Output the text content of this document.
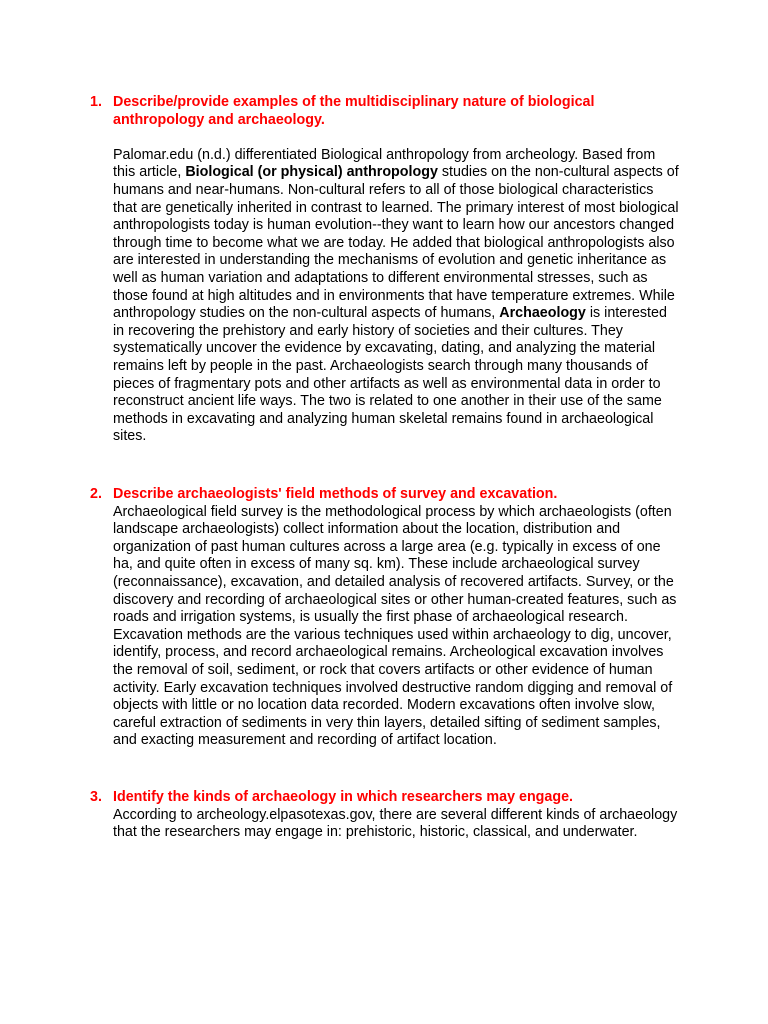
1. Describe/provide examples of the multidisciplinary nature of biological anthropology and archaeology.

Palomar.edu (n.d.) differentiated Biological anthropology from archeology. Based from this article, Biological (or physical) anthropology studies on the non-cultural aspects of humans and near-humans. Non-cultural refers to all of those biological characteristics that are genetically inherited in contrast to learned. The primary interest of most biological anthropologists today is human evolution--they want to learn how our ancestors changed through time to become what we are today. He added that biological anthropologists also are interested in understanding the mechanisms of evolution and genetic inheritance as well as human variation and adaptations to different environmental stresses, such as those found at high altitudes and in environments that have temperature extremes. While anthropology studies on the non-cultural aspects of humans, Archaeology is interested in recovering the prehistory and early history of societies and their cultures. They systematically uncover the evidence by excavating, dating, and analyzing the material remains left by people in the past. Archaeologists search through many thousands of pieces of fragmentary pots and other artifacts as well as environmental data in order to reconstruct ancient life ways. The two is related to one another in their use of the same methods in excavating and analyzing human skeletal remains found in archaeological sites.

2. Describe archaeologists' field methods of survey and excavation.

Archaeological field survey is the methodological process by which archaeologists (often landscape archaeologists) collect information about the location, distribution and organization of past human cultures across a large area (e.g. typically in excess of one ha, and quite often in excess of many sq. km). These include archaeological survey (reconnaissance), excavation, and detailed analysis of recovered artifacts. Survey, or the discovery and recording of archaeological sites or other human-created features, such as roads and irrigation systems, is usually the first phase of archaeological research. Excavation methods are the various techniques used within archaeology to dig, uncover, identify, process, and record archaeological remains. Archeological excavation involves the removal of soil, sediment, or rock that covers artifacts or other evidence of human activity. Early excavation techniques involved destructive random digging and removal of objects with little or no location data recorded. Modern excavations often involve slow, careful extraction of sediments in very thin layers, detailed sifting of sediment samples, and exacting measurement and recording of artifact location.

3. Identify the kinds of archaeology in which researchers may engage.

According to archeology.elpasotexas.gov, there are several different kinds of archaeology that the researchers may engage in: prehistoric, historic, classical, and underwater.
